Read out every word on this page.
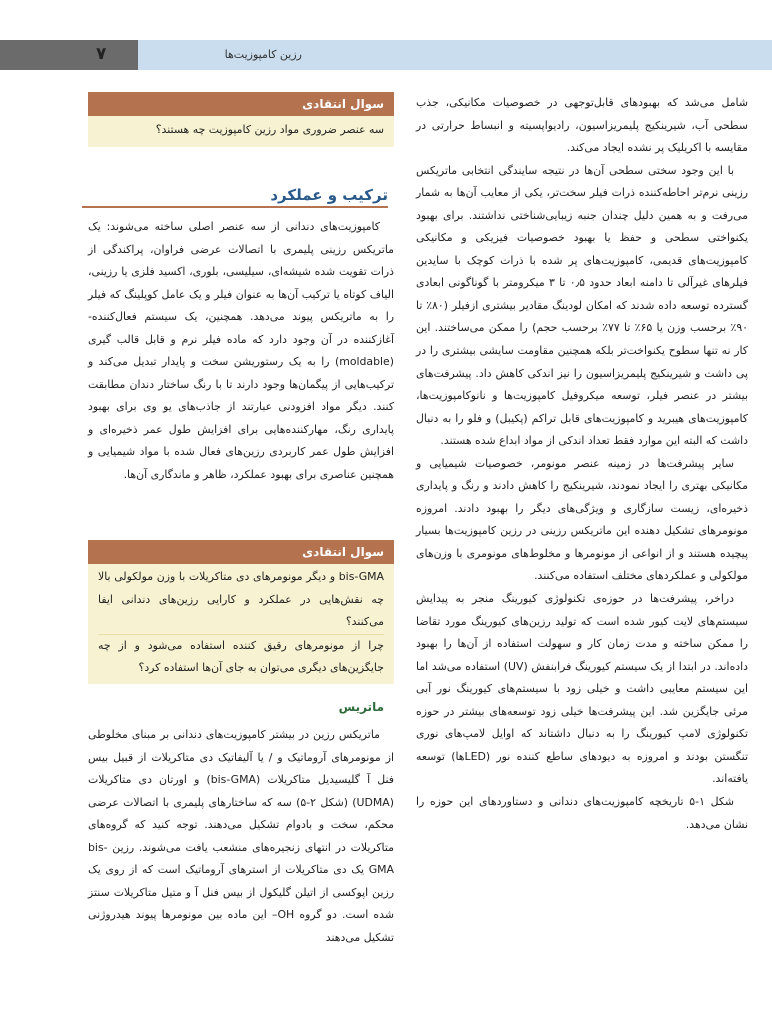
۷	رزین کامپوزیت‌ها

شامل می‌شد که بهبودهای قابل‌توجهی در خصوصیات مکانیکی، جذب سطحی آب، شیرینکیج پلیمریزاسیون، رادیواپسیته و انبساط حرارتی در مقایسه با اکریلیک پر نشده ایجاد می‌کند.

با این وجود سختی سطحی آن‌ها در نتیجه سایندگی انتخابی ماتریکس رزینی نرم‌تر احاطه‌کننده ذرات فیلر سخت‌تر، یکی از معایب آن‌ها به شمار می‌رفت و به همین دلیل چندان جنبه زیبایی‌شناختی نداشتند. برای بهبود یکنواختی سطحی و حفظ یا بهبود خصوصیات فیزیکی و مکانیکی کامپوزیت‌های قدیمی، کامپوزیت‌های پر شده با ذرات کوچک با سایدین فیلرهای غیرآلی تا دامنه ابعاد حدود ۰٫۵ تا ۳ میکرومتر با گوناگونی ابعادی گسترده توسعه داده شدند که امکان لودینگ مقادیر بیشتری ازفیلر (۸۰٪ تا ۹۰٪ برحسب وزن یا ۶۵٪ تا ۷۷٪ برحسب حجم) را ممکن می‌ساختند. این کار نه تنها سطوح یکنواخت‌تر بلکه همچنین مقاومت سایشی بیشتری را در پی داشت و شیرینکیج پلیمریزاسیون را نیز اندکی کاهش داد. پیشرفت‌های بیشتر در عنصر فیلر، توسعه میکروفیل کامپوزیت‌ها و نانوکامپوزیت‌ها، کامپوزیت‌های هیبرید و کامپوزیت‌های قابل تراکم (پکیبل) و فلو را به دنبال داشت که البته این موارد فقط تعداد اندکی از مواد ابداع شده هستند.

سایر پیشرفت‌ها در زمینه عنصر مونومر، خصوصیات شیمیایی و مکانیکی بهتری را ایجاد نمودند، شیرینکیج را کاهش دادند و رنگ و پایداری ذخیره‌ای، زیست سازگاری و ویژگی‌های دیگر را بهبود دادند. امروزه مونومرهای تشکیل دهنده این ماتریکس رزینی در رزین کامپوزیت‌ها بسیار پیچیده هستند و از انواعی از مونومرها و مخلوط‌های مونومری با وزن‌های مولکولی و عملکردهای مختلف استفاده می‌کنند.

دراخر، پیشرفت‌ها در حوزه‌ی تکنولوژی کیورینگ منجر به پیدایش سیستم‌های لایت کیور شده است که تولید رزین‌های کیورینگ مورد تقاضا را ممکن ساخته و مدت زمان کار و سهولت استفاده از آن‌ها را بهبود داده‌اند. در ابتدا از یک سیستم کیورینگ فرابنفش (UV) استفاده می‌شد اما این سیستم معایبی داشت و خیلی زود با سیستم‌های کیورینگ نور آبی مرئی جایگزین شد. این پیشرفت‌ها خیلی زود توسعه‌های بیشتر در حوزه تکنولوژی لامپ کیورینگ را به دنبال داشتاند که اوایل لامپ‌های نوری تنگستن بودند و امروزه به دیودهای ساطع کننده نور (LEDها) توسعه یافته‌اند.

شکل ۱-۵ تاریخچه کامپوزیت‌های دندانی و دستاوردهای این حوزه را نشان می‌دهد.

سوال انتقادی
سه عنصر ضروری مواد رزین کامپوزیت چه هستند؟
ترکیب و عملکرد

کامپوزیت‌های دندانی از سه عنصر اصلی ساخته می‌شوند: یک ماتریکس رزینی پلیمری با اتصالات عرضی فراوان، پراکندگی از ذرات تقویت شده شیشه‌ای، سیلیسی، بلوری، اکسید فلزی یا رزینی، الیاف کوتاه یا ترکیب آن‌ها به عنوان فیلر و یک عامل کوپلینگ که فیلر را به ماتریکس پیوند می‌دهد. همچنین، یک سیستم فعال‌کننده-آغازکننده در آن وجود دارد که ماده فیلر نرم و قابل قالب گیری (moldable) را به یک رستوریشن سخت و پایدار تبدیل می‌کند و ترکیب‌هایی از پیگمان‌ها وجود دارند تا با رنگ ساختار دندان مطابقت کنند. دیگر مواد افزودنی عبارتند از جاذب‌های یو وی برای بهبود پایداری رنگ، مهارکننده‌هایی برای افزایش طول عمر ذخیره‌ای و افزایش طول عمر کاربردی رزین‌های فعال شده با مواد شیمیایی و همچنین عناصری برای بهبود عملکرد، ظاهر و ماندگاری آن‌ها.

سوال انتقادی

bis-GMA و دیگر مونومرهای دی متاکریلات با وزن مولکولی بالا چه نقش‌هایی در عملکرد و کارایی رزین‌های دندانی ایفا می‌کنند؟

چرا از مونومرهای رقیق کننده استفاده می‌شود و از چه جایگزین‌های دیگری می‌توان به جای آن‌ها استفاده کرد؟

ماتریس

ماتریکس رزین در بیشتر کامپوزیت‌های دندانی بر مبنای مخلوطی از مونومرهای آروماتیک و / یا آلیفاتیک دی متاکریلات از قبیل بیس فنل آ گلیسیدیل متاکریلات (bis-GMA) و اورتان دی متاکریلات (UDMA) (شکل ۲-۵) سه که ساختارهای پلیمری با اتصالات عرضی محکم، سخت و بادوام تشکیل می‌دهند. توجه کنید که گروه‌های متاکریلات در انتهای زنجیره‌های منشعب یافت می‌شوند. رزین bis-GMA یک دی متاکریلات از استرهای آروماتیک است که از روی یک رزین اپوکسی از اتیلن گلیکول از بیس فنل آ و متیل متاکریلات سنتز شده است. دو گروه OH– این ماده بین مونومرها پیوند هیدروژنی تشکیل می‌دهند
